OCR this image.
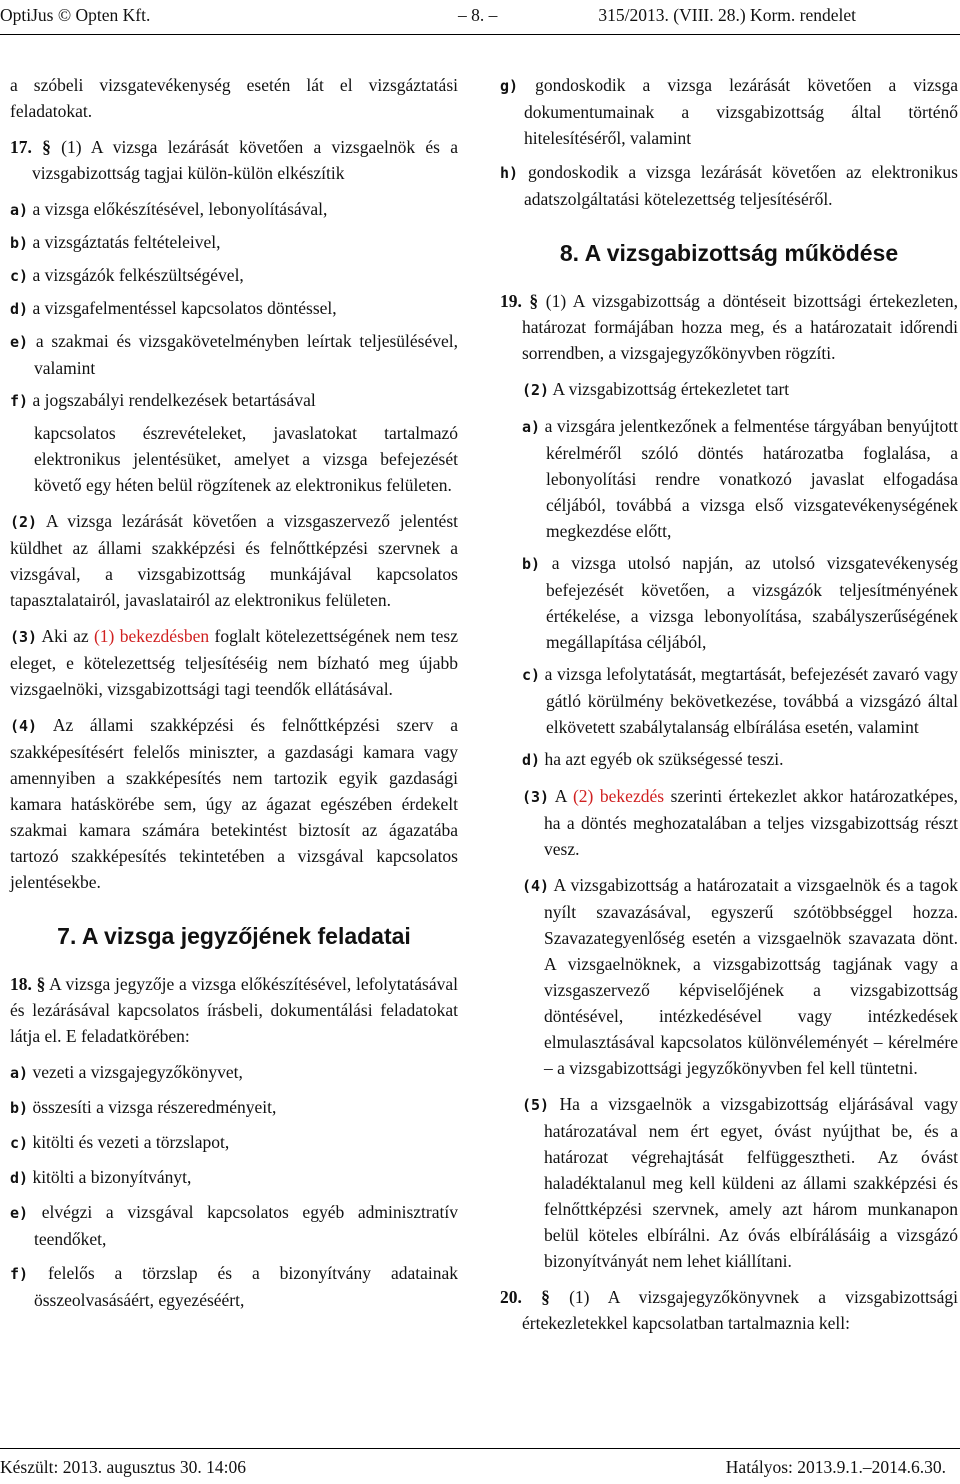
OptiJus © Opten Kft.	– 8. –	315/2013. (VIII. 28.) Korm. rendelet

a szóbeli vizsgatevékenység esetén lát el vizsgáztatási feladatokat.

17. § (1) A vizsga lezárását követően a vizsgaelnök és a vizsgabizottság tagjai külön-külön elkészítik

a) a vizsga előkészítésével, lebonyolításával,
b) a vizsgáztatás feltételeivel,
c) a vizsgázók felkészültségével,
d) a vizsgafelmentéssel kapcsolatos döntéssel,
e) a szakmai és vizsgakövetelményben leírtak teljesülésével, valamint
f) a jogszabályi rendelkezések betartásával

kapcsolatos észrevételeket, javaslatokat tartalmazó elektronikus jelentésüket, amelyet a vizsga befejezését követő egy héten belül rögzítenek az elektronikus felületen.

(2) A vizsga lezárását követően a vizsgaszervező jelentést küldhet az állami szakképzési és felnőttképzési szervnek a vizsgával, a vizsgabizottság munkájával kapcsolatos tapasztalatairól, javaslatairól az elektronikus felületen.

(3) Aki az (1) bekezdésben foglalt kötelezettségének nem tesz eleget, e kötelezettség teljesítéséig nem bízható meg újabb vizsgaelnöki, vizsgabizottsági tagi teendők ellátásával.

(4) Az állami szakképzési és felnőttképzési szerv a szakképesítésért felelős miniszter, a gazdasági kamara vagy amennyiben a szakképesítés nem tartozik egyik gazdasági kamara hatáskörébe sem, úgy az ágazat egészében érdekelt szakmai kamara számára betekintést biztosít az ágazatába tartozó szakképesítés tekintetében a vizsgával kapcsolatos jelentésekbe.

7. A vizsga jegyzőjének feladatai

18. § A vizsga jegyzője a vizsga előkészítésével, lefolytatásával és lezárásával kapcsolatos írásbeli, dokumentálási feladatokat látja el. E feladatkörében:

a) vezeti a vizsgajegyzőkönyvet,
b) összesíti a vizsga részeredményeit,
c) kitölti és vezeti a törzslapot,
d) kitölti a bizonyítványt,
e) elvégzi a vizsgával kapcsolatos egyéb adminisztratív teendőket,
f) felelős a törzslap és a bizonyítvány adatainak összeolvasásáért, egyezéséért,
g) gondoskodik a vizsga lezárását követően a vizsga dokumentumainak a vizsgabizottság által történő hitelesítéséről, valamint
h) gondoskodik a vizsga lezárását követően az elektronikus adatszolgáltatási kötelezettség teljesítéséről.
8. A vizsgabizottság működése

19. § (1) A vizsgabizottság a döntéseit bizottsági értekezleten, határozat formájában hozza meg, és a határozatait időrendi sorrendben, a vizsgajegyzőkönyvben rögzíti.

(2) A vizsgabizottság értekezletet tart

a) a vizsgára jelentkezőnek a felmentése tárgyában benyújtott kérelméről szóló döntés határozatba foglalása, a lebonyolítási rendre vonatkozó javaslat elfogadása céljából, továbbá a vizsga első vizsgatevékenységének megkezdése előtt,
b) a vizsga utolsó napján, az utolsó vizsgatevékenység befejezését követően, a vizsgázók teljesítményének értékelése, a vizsga lebonyolítása, szabályszerűségének megállapítása céljából,
c) a vizsga lefolytatását, megtartását, befejezését zavaró vagy gátló körülmény bekövetkezése, továbbá a vizsgázó által elkövetett szabálytalanság elbírálása esetén, valamint
d) ha azt egyéb ok szükségessé teszi.

(3) A (2) bekezdés szerinti értekezlet akkor határozatképes, ha a döntés meghozatalában a teljes vizsgabizottság részt vesz.

(4) A vizsgabizottság a határozatait a vizsgaelnök és a tagok nyílt szavazásával, egyszerű szótöbbséggel hozza. Szavazategyenlőség esetén a vizsgaelnök szavazata dönt. A vizsgaelnöknek, a vizsgabizottság tagjának vagy a vizsgaszervező képviselőjének a vizsgabizottság döntésével, intézkedésével vagy intézkedések elmulasztásával kapcsolatos különvéleményét – kérelmére – a vizsgabizottsági jegyzőkönyvben fel kell tüntetni.

(5) Ha a vizsgaelnök a vizsgabizottság eljárásával vagy határozatával nem ért egyet, óvást nyújthat be, és a határozat végrehajtását felfüggesztheti. Az óvást haladéktalanul meg kell küldeni az állami szakképzési és felnőttképzési szervnek, amely azt három munkanapon belül köteles elbírálni. Az óvás elbírálásáig a vizsgázó bizonyítványát nem lehet kiállítani.

20. § (1) A vizsgajegyzőkönyvnek a vizsgabizottsági értekezletekkel kapcsolatban tartalmaznia kell:

Készült: 2013. augusztus 30. 14:06	Hatályos: 2013.9.1.–2014.6.30.
